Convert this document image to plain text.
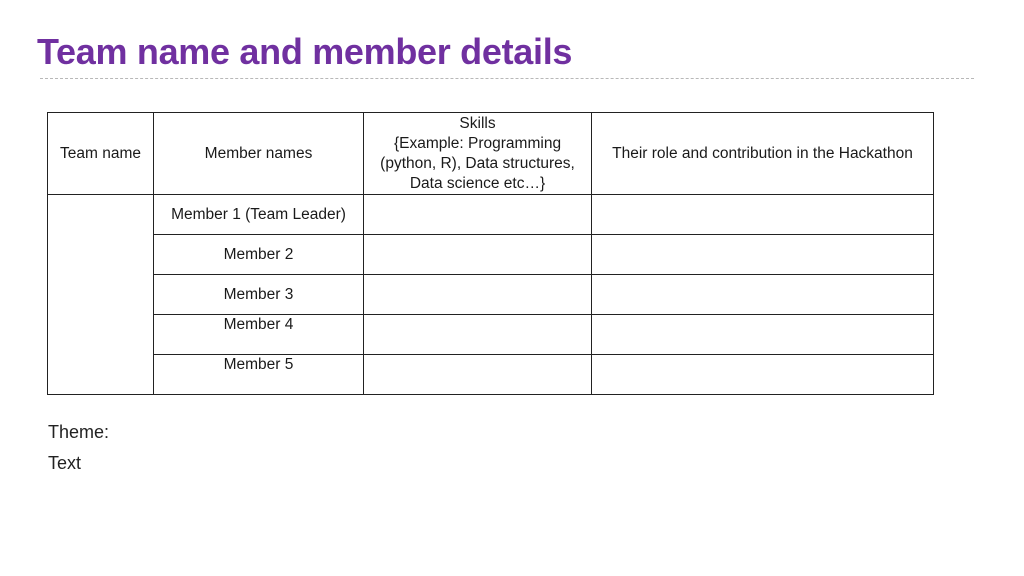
Team name and member details
Team name	Member names	Skills
{Example: Programming
(python, R), Data structures,
Data science etc…}	Their role and contribution in the Hackathon
	Member 1 (Team Leader)		
	Member 2		
	Member 3		
	Member 4		
	Member 5		

Theme:

Text
